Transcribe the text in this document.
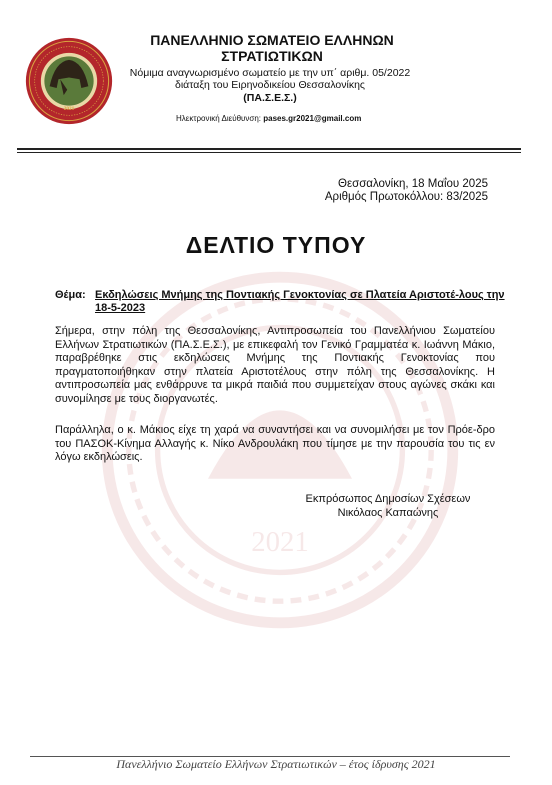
2021
2021
ΠΑΝΕΛΛΗΝΙΟ ΣΩΜΑΤΕΙΟ ΕΛΛΗΝΩΝ
ΣΤΡΑΤΙΩΤΙΚΩΝ
Νόμιμα αναγνωρισμένο σωματείο με την υπ΄ αριθμ. 05/2022
διάταξη του Ειρηνοδικείου Θεσσαλονίκης
(ΠΑ.Σ.Ε.Σ.)
Ηλεκτρονική Διεύθυνση: pases.gr2021@gmail.com
Θεσσαλονίκη, 18 Μαΐου 2025
Αριθμός Πρωτοκόλλου: 83/2025
ΔΕΛΤΙΟ ΤΥΠΟΥ
Θέμα: Εκδηλώσεις Μνήμης της Ποντιακής Γενοκτονίας σε Πλατεία Αριστοτέ-λους την 18-5-2023
Σήμερα, στην πόλη της Θεσσαλονίκης, Αντιπροσωπεία του Πανελλήνιου Σωματείου Ελλήνων Στρατιωτικών (ΠΑ.Σ.Ε.Σ.), με επικεφαλή τον Γενικό Γραμματέα κ. Ιωάννη Μάκιο, παραβρέθηκε στις εκδηλώσεις Μνήμης της Ποντιακής Γενοκτονίας που πραγματοποιήθηκαν στην πλατεία Αριστοτέλους στην πόλη της Θεσσαλονίκης. Η αντιπροσωπεία μας ενθάρρυνε τα μικρά παιδιά που συμμετείχαν στους αγώνες σκάκι και συνομίλησε με τους διοργανωτές.
Παράλληλα, ο κ. Μάκιος είχε τη χαρά να συναντήσει και να συνομιλήσει με τον Πρόε-δρο του ΠΑΣΟΚ-Κίνημα Αλλαγής κ. Νίκο Ανδρουλάκη που τίμησε με την παρουσία του τις εν λόγω εκδηλώσεις.
Εκπρόσωπος Δημοσίων Σχέσεων
Νικόλαος Καπαώνης
Πανελλήνιο Σωματείο Ελλήνων Στρατιωτικών – έτος ίδρυσης 2021
